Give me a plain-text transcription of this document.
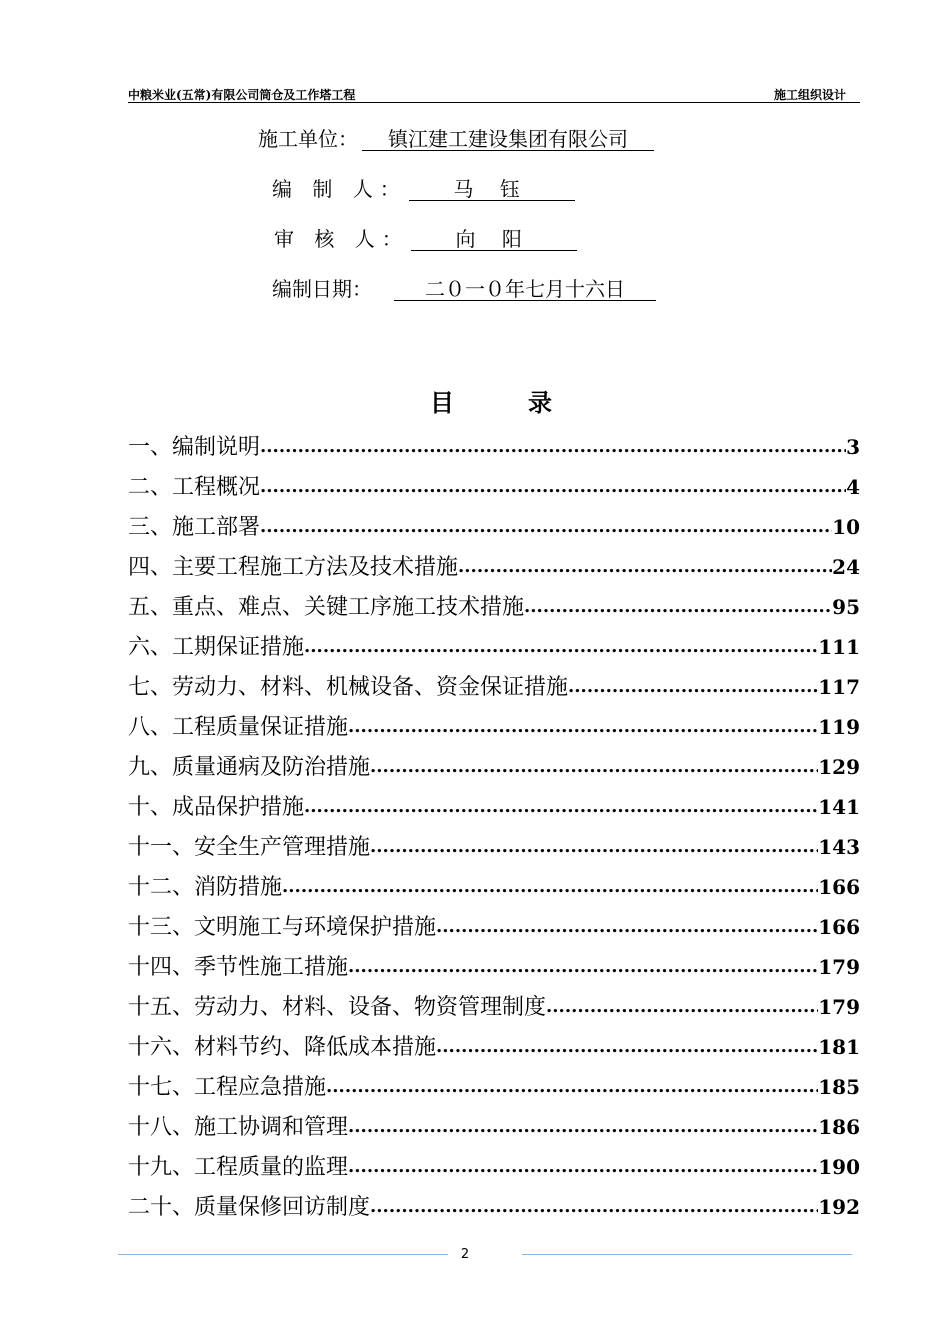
中粮米业(五常)有限公司筒仓及工作塔工程	施工组织设计
施工单位： 镇江建工建设集团有限公司
编 制 人： 马 钰
审 核 人： 向 阳
编制日期：	二０一０年七月十六日
目录
一、编制说明 .....	3
二、工程概况 .....	4
三、施工部署 .....	10
四、主要工程施工方法及技术措施 .....	24
五、重点、难点、关键工序施工技术措施 .....	95
六、工期保证措施 .....	111
七、劳动力、材料、机械设备、资金保证措施 .....	117
八、工程质量保证措施 .....	119
九、质量通病及防治措施 .....	129
十、成品保护措施 .....	141
十一、安全生产管理措施 .....	143
十二、消防措施 .....	166
十三、文明施工与环境保护措施 .....	166
十四、季节性施工措施 .....	179
十五、劳动力、材料、设备、物资管理制度 .....	179
十六、材料节约、降低成本措施 .....	181
十七、工程应急措施 .....	185
十八、施工协调和管理 .....	186
十九、工程质量的监理 .....	190
二十、质量保修回访制度 .....	192
2
